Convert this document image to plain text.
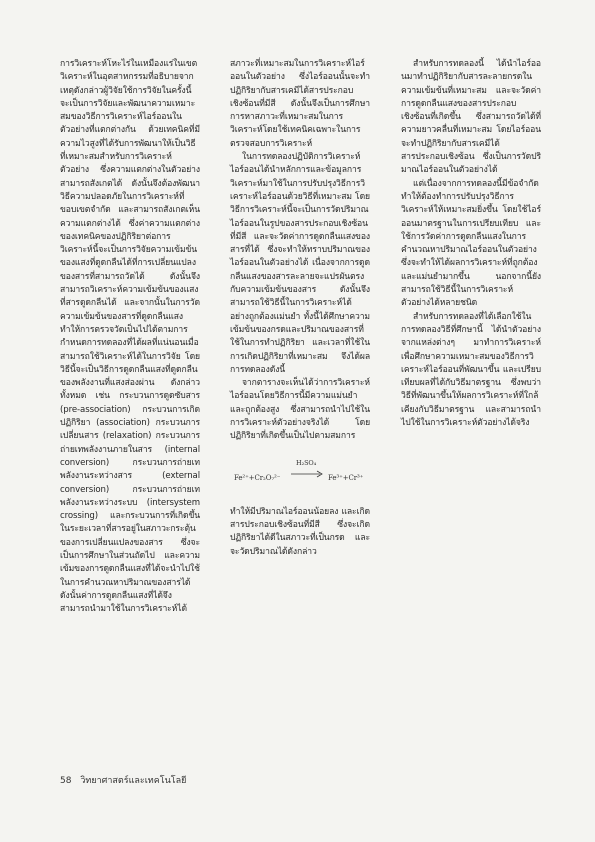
การวิเคราะห์โหะไร่ในเหมืองแร่ในเขตวิเคราะห์ในอุตสาหกรรมที่อธิบายจากเหตุดังกล่าวผู้วิจัยใช้การวิจัยในครั้งนี้ จะเป็นการวิจัยและพัฒนาความเหมาะสมของวิธีการวิเคราะห์ไอร์ออนในตัวอย่างที่แตกต่างกัน ด้วยเทคนิคที่มีความไวสูงที่ได้รับการพัฒนาให้เป็นวิธีที่เหมาะสมสำหรับการวิเคราะห์ตัวอย่าง ซึ่งความแตกต่างในตัวอย่างสามารถสังเกตได้ ดังนั้นจึงต้องพัฒนาวิธีความปลอดภัยในการวิเคราะห์ที่ขอบเขตจำกัด และสามารถสังเกตเห็นความแตกต่างได้ ซึ่งค่าความแตกต่างของเทคนิคของปฏิกิริยาต่อการวิเคราะห์นี้จะเป็นการวิจัยความเข้มข้นของแสงที่ดูดกลืนได้ที่การเปลี่ยนแปลงของสารที่สามารถวัดได้ ดังนั้นจึงสามารถวิเคราะห์ความเข้มข้นของแสงที่สารดูดกลืนได้ และจากนั้นในการวัดความเข้มข้นของสารที่ดูดกลืนแสง ทำให้การตรวจวัดเป็นไปได้ตามการกำหนดการทดลองที่ได้ผลที่แน่นอนเมื่อสามารถใช้วิเคราะห์ได้ในการวิจัย โดยวิธีนี้จะเป็นวิธีการดูดกลืนแสงที่ดูดกลืนของพลังงานที่แสงส่องผ่าน ดังกล่าวทั้งหมด เช่น กระบวนการดูดซับสาร (pre-association) กระบวนการเกิดปฏิกิริยา (association) กระบวนการเปลี่ยนสาร (relaxation) กระบวนการถ่ายเทพลังงานภายในสาร (internal conversion) กระบวนการถ่ายเทพลังงานระหว่างสาร (external conversion) กระบวนการถ่ายเทพลังงานระหว่างระบบ (intersystem crossing) และกระบวนการที่เกิดขึ้นในระยะเวลาที่สารอยู่ในสภาวะกระตุ้นของการเปลี่ยนแปลงของสาร ซึ่งจะเป็นการศึกษาในส่วนถัดไป และความเข้มของการดูดกลืนแสงที่ได้จะนำไปใช้ในการคำนวณหาปริมาณของสารได้ ดังนั้นค่าการดูดกลืนแสงที่ได้จึงสามารถนำมาใช้ในการวิเคราะห์ได้

สภาวะที่เหมาะสมในการวิเคราะห์ไอร์ออนในตัวอย่าง ซึ่งไอร์ออนนั้นจะทำปฏิกิริยากับสารเคมีได้สารประกอบเชิงซ้อนที่มีสี ดังนั้นจึงเป็นการศึกษาการหาสภาวะที่เหมาะสมในการวิเคราะห์โดยใช้เทคนิคเฉพาะในการตรวจสอบการวิเคราะห์

ในการทดลองปฏิบัติการวิเคราะห์ไอร์ออนได้นำหลักการและข้อมูลการวิเคราะห์มาใช้ในการปรับปรุงวิธีการวิเคราะห์ไอร์ออนด้วยวิธีที่เหมาะสม โดยวิธีการวิเคราะห์นี้จะเป็นการวัดปริมาณไอร์ออนในรูปของสารประกอบเชิงซ้อนที่มีสี และจะวัดค่าการดูดกลืนแสงของสารที่ได้ ซึ่งจะทำให้ทราบปริมาณของไอร์ออนในตัวอย่างได้ เนื่องจากการดูดกลืนแสงของสารละลายจะแปรผันตรงกับความเข้มข้นของสาร ดังนั้นจึงสามารถใช้วิธีนี้ในการวิเคราะห์ได้อย่างถูกต้องแม่นยำ ทั้งนี้ได้ศึกษาความเข้มข้นของกรดและปริมาณของสารที่ใช้ในการทำปฏิกิริยา และเวลาที่ใช้ในการเกิดปฏิกิริยาที่เหมาะสม จึงได้ผลการทดลองดังนี้

จากตารางจะเห็นได้ว่าการวิเคราะห์ไอร์ออนโดยวิธีการนี้มีความแม่นยำและถูกต้องสูง ซึ่งสามารถนำไปใช้ในการวิเคราะห์ตัวอย่างจริงได้ โดยปฏิกิริยาที่เกิดขึ้นเป็นไปตามสมการ

Fe²⁺+Cr₂O₇²⁻
H₂SO₄
→ Fe³⁺+Cr³⁺

ทำให้มีปริมาณไอร์ออนน้อยลง และเกิดสารประกอบเชิงซ้อนที่มีสี ซึ่งจะเกิดปฏิกิริยาได้ดีในสภาวะที่เป็นกรด และจะวัดปริมาณได้ดังกล่าว

สำหรับการทดลองนี้ ได้นำไอร์ออนมาทำปฏิกิริยากับสารละลายกรดในความเข้มข้นที่เหมาะสม และจะวัดค่าการดูดกลืนแสงของสารประกอบเชิงซ้อนที่เกิดขึ้น ซึ่งสามารถวัดได้ที่ความยาวคลื่นที่เหมาะสม โดยไอร์ออนจะทำปฏิกิริยากับสารเคมีได้สารประกอบเชิงซ้อน ซึ่งเป็นการวัดปริมาณไอร์ออนในตัวอย่างได้

แต่เนื่องจากการทดลองนี้มีข้อจำกัด ทำให้ต้องทำการปรับปรุงวิธีการวิเคราะห์ให้เหมาะสมยิ่งขึ้น โดยใช้ไอร์ออนมาตรฐานในการเปรียบเทียบ และใช้การวัดค่าการดูดกลืนแสงในการคำนวณหาปริมาณไอร์ออนในตัวอย่าง ซึ่งจะทำให้ได้ผลการวิเคราะห์ที่ถูกต้องและแม่นยำมากขึ้น นอกจากนี้ยังสามารถใช้วิธีนี้ในการวิเคราะห์ตัวอย่างได้หลายชนิด

สำหรับการทดลองที่ได้เลือกใช้ในการทดลองวิธีที่ศึกษานี้ ได้นำตัวอย่างจากแหล่งต่างๆ มาทำการวิเคราะห์ เพื่อศึกษาความเหมาะสมของวิธีการวิเคราะห์ไอร์ออนที่พัฒนาขึ้น และเปรียบเทียบผลที่ได้กับวิธีมาตรฐาน ซึ่งพบว่าวิธีที่พัฒนาขึ้นให้ผลการวิเคราะห์ที่ใกล้เคียงกับวิธีมาตรฐาน และสามารถนำไปใช้ในการวิเคราะห์ตัวอย่างได้จริง

58 วิทยาศาสตร์และเทคโนโลยี
